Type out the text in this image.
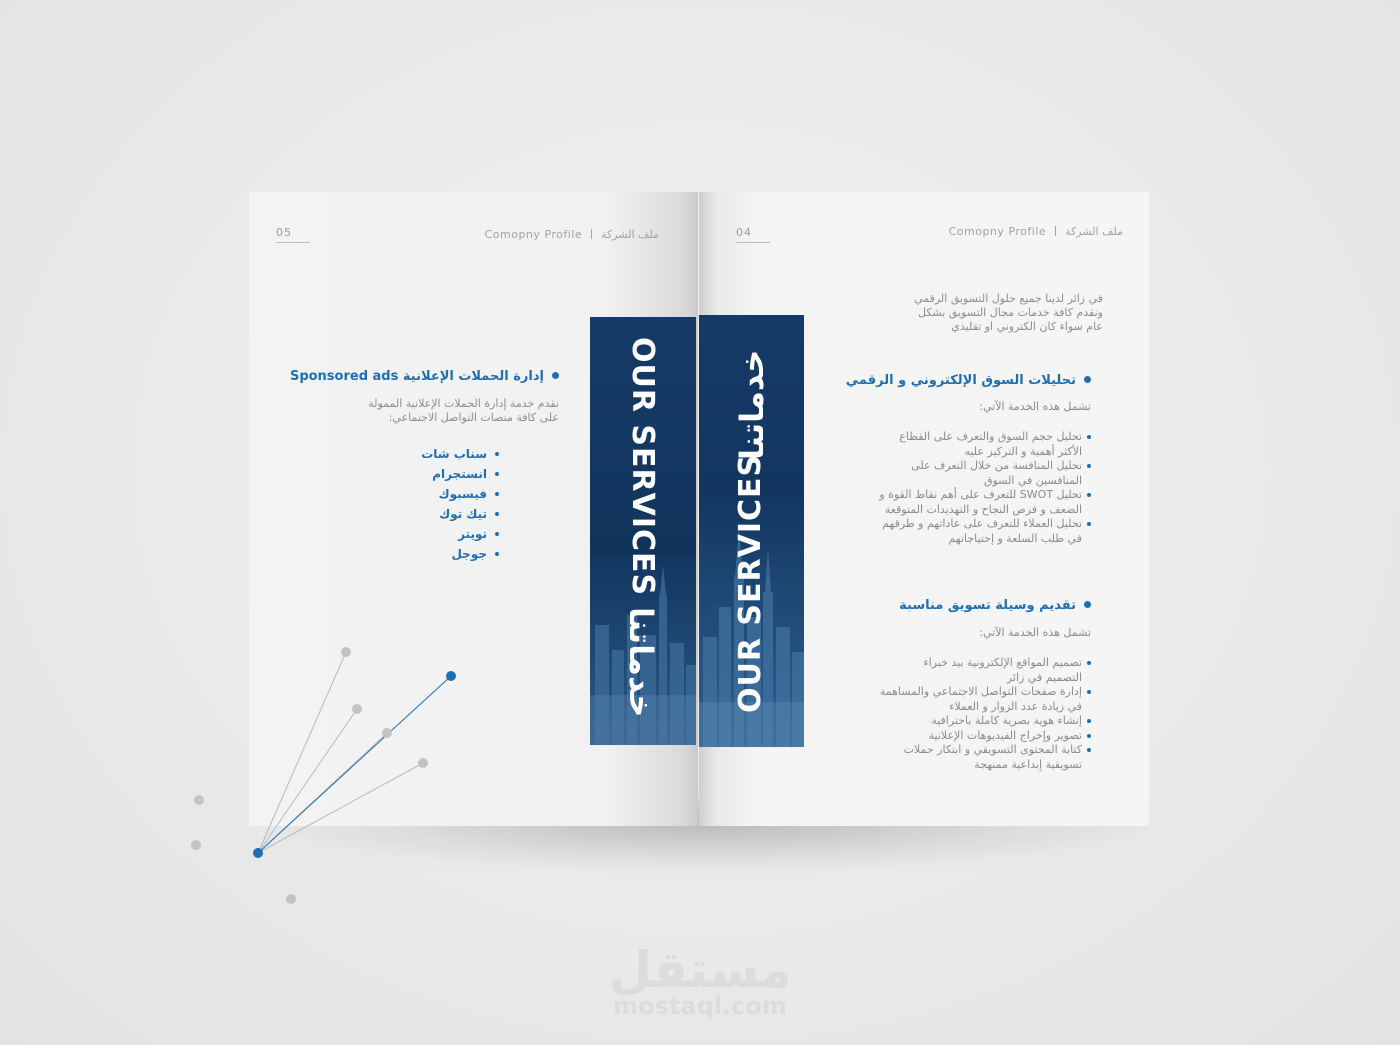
05	Comopny Profile ملف الشركة
OUR SERVICES
خدماتنا
إدارة الحملات الإعلانية Sponsored ads
نقدم خدمة إدارة الحملات الإعلانية الممولة
على كافة منصات التواصل الاجتماعي:
سناب شات
انستجرام
فيسبوك
تيك توك
تويتر
جوجل
04	Comopny Profile ملف الشركة
OUR SERVICES
خدماتنا
في زائر لدينا جميع حلول التسويق الرقمي
ونقدم كافة خدمات مجال التسويق بشكل
عام سواء كان الكتروني او تقليدي
تحليلات السوق الإلكتروني و الرقمي
تشمل هذه الخدمة الآتي:
تحليل حجم السوق والتعرف على القطاع
الأكثر أهمية و التركيز عليه
تحليل المنافسة من خلال التعرف على
المنافسين في السوق
تحليل SWOT للتعرف على أهم نقاط القوة و
الضعف و فرص النجاح و التهديدات المتوقعة
تحليل العملاء للتعرف على عاداتهم و طرقهم
في طلب السلعة و إحتياجاتهم
تقديم وسيلة تسويق مناسبة
تشمل هذه الخدمة الآتي:
تصميم المواقع الإلكترونية بيد خبراء
التصميم في زائر
إدارة صفحات التواصل الاجتماعي والمساهمة
في زيادة عدد الزوار و العملاء
إنشاء هوية بصرية كاملة باحترافية
تصوير وإخراج الفيديوهات الإعلانية
كتابة المحتوى التسويقي و ابتكار حملات
تسويقية إبداعية ممنهجة
مستقل
mostaql.com
